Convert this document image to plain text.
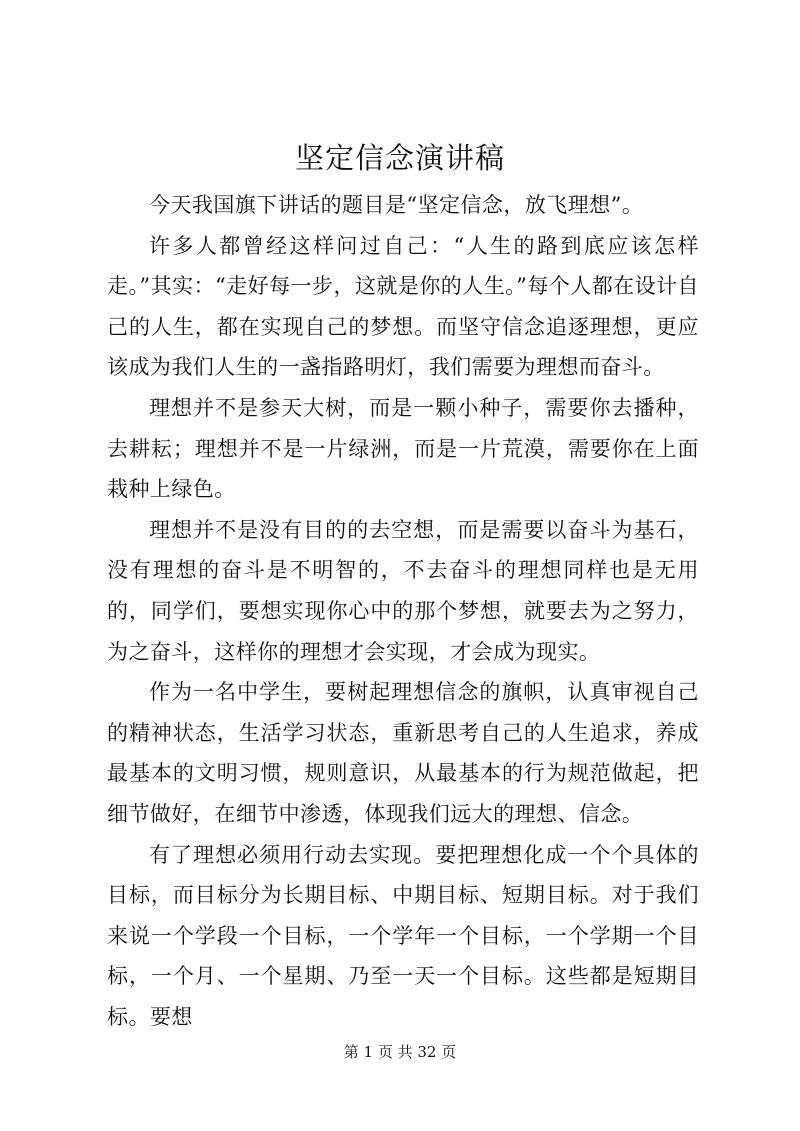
坚定信念演讲稿

今天我国旗下讲话的题目是“坚定信念，放飞理想”。

许多人都曾经这样问过自己：“人生的路到底应该怎样走。”其实：“走好每一步，这就是你的人生。”每个人都在设计自己的人生，都在实现自己的梦想。而坚守信念追逐理想，更应该成为我们人生的一盏指路明灯，我们需要为理想而奋斗。

理想并不是参天大树，而是一颗小种子，需要你去播种，去耕耘；理想并不是一片绿洲，而是一片荒漠，需要你在上面栽种上绿色。

理想并不是没有目的的去空想，而是需要以奋斗为基石，没有理想的奋斗是不明智的，不去奋斗的理想同样也是无用的，同学们，要想实现你心中的那个梦想，就要去为之努力，为之奋斗，这样你的理想才会实现，才会成为现实。

作为一名中学生，要树起理想信念的旗帜，认真审视自己的精神状态，生活学习状态，重新思考自己的人生追求，养成最基本的文明习惯，规则意识，从最基本的行为规范做起，把细节做好，在细节中渗透，体现我们远大的理想、信念。

有了理想必须用行动去实现。要把理想化成一个个具体的目标，而目标分为长期目标、中期目标、短期目标。对于我们来说一个学段一个目标，一个学年一个目标，一个学期一个目标，一个月、一个星期、乃至一天一个目标。这些都是短期目标。要想

第 1 页 共 32 页
